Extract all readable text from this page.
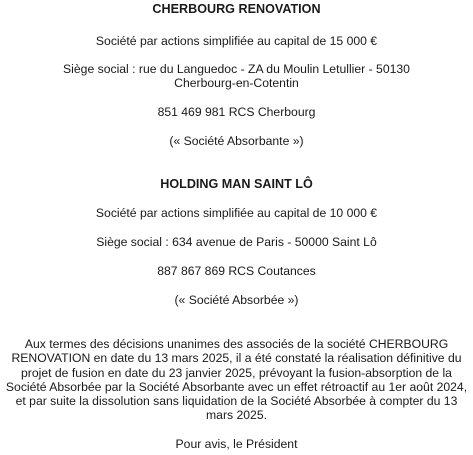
CHERBOURG RENOVATION
Société par actions simplifiée au capital de 15 000 €
Siège social : rue du Languedoc - ZA du Moulin Letullier - 50130
Cherbourg-en-Cotentin
851 469 981 RCS Cherbourg
(« Société Absorbante »)
HOLDING MAN SAINT LÔ
Société par actions simplifiée au capital de 10 000 €
Siège social : 634 avenue de Paris - 50000 Saint Lô
887 867 869 RCS Coutances
(« Société Absorbée »)

Aux termes des décisions unanimes des associés de la société CHERBOURG RENOVATION en date du 13 mars 2025, il a été constaté la réalisation définitive du projet de fusion en date du 23 janvier 2025, prévoyant la fusion-absorption de la Société Absorbée par la Société Absorbante avec un effet rétroactif au 1er août 2024, et par suite la dissolution sans liquidation de la Société Absorbée à compter du 13 mars 2025.

Pour avis, le Président
